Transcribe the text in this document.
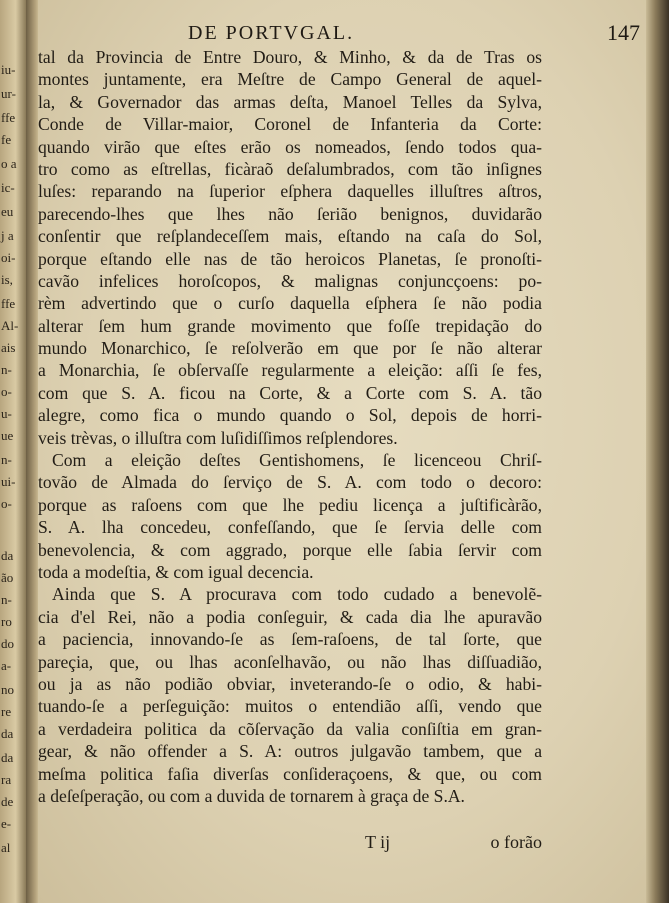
iu-
ur-
ffe
fe
o a
ic-
eu
j a
oi-
is,
ffe
Al-
ais
n-
o-
u-
ue
n-
ui-
o-
da
ão
n-
ro
do
a-
no
re
da
da
ra
de
e-
al
DE PORTVGAL.	147
tal da Provincia de Entre Douro, & Minho, & da de Tras os
montes juntamente, era Meſtre de Campo General de aquel-
la, & Governador das armas deſta, Manoel Telles da Sylva,
Conde de Villar-maior, Coronel de Infanteria da Corte:
quando virão que eſtes erão os nomeados, ſendo todos qua-
tro como as eſtrellas, ficàraõ deſalumbrados, com tão inſignes
luſes: reparando na ſuperior eſphera daquelles illuſtres aſtros,
parecendo-lhes que lhes não ſerião benignos, duvidarão
conſentir que reſplandeceſſem mais, eſtando na caſa do Sol,
porque eſtando elle nas de tão heroicos Planetas, ſe pronoſti-
cavão infelices horoſcopos, & malignas conjuncçoens: po-
rèm advertindo que o curſo daquella eſphera ſe não podia
alterar ſem hum grande movimento que foſſe trepidação do
mundo Monarchico, ſe reſolverão em que por ſe não alterar
a Monarchia, ſe obſervaſſe regularmente a eleição: aſſi ſe fes,
com que S. A. ficou na Corte, & a Corte com S. A. tão
alegre, como fica o mundo quando o Sol, depois de horri-
veis trèvas, o illuſtra com luſidiſſimos reſplendores.
Com a eleição deſtes Gentishomens, ſe licenceou Chriſ-
tovão de Almada do ſerviço de S. A. com todo o decoro:
porque as raſoens com que lhe pediu licença a juſtificàrão,
S. A. lha concedeu, confeſſando, que ſe ſervia delle com
benevolencia, & com aggrado, porque elle ſabia ſervir com
toda a modeſtia, & com igual decencia.
Ainda que S. A procurava com todo cudado a benevolẽ-
cia d'el Rei, não a podia conſeguir, & cada dia lhe apuravão
a paciencia, innovando-ſe as ſem-raſoens, de tal ſorte, que
pareçia, que, ou lhas aconſelhavão, ou não lhas diſſuadião,
ou ja as não podião obviar, inveterando-ſe o odio, & habi-
tuando-ſe a perſeguição: muitos o entendião aſſi, vendo que
a verdadeira politica da cõſervação da valia conſiſtia em gran-
gear, & não offender a S. A: outros julgavão tambem, que a
meſma politica faſia diverſas conſideraçoens, & que, ou com
a deſeſperação, ou com a duvida de tornarem à graça de S.A.
T ij	o forão
